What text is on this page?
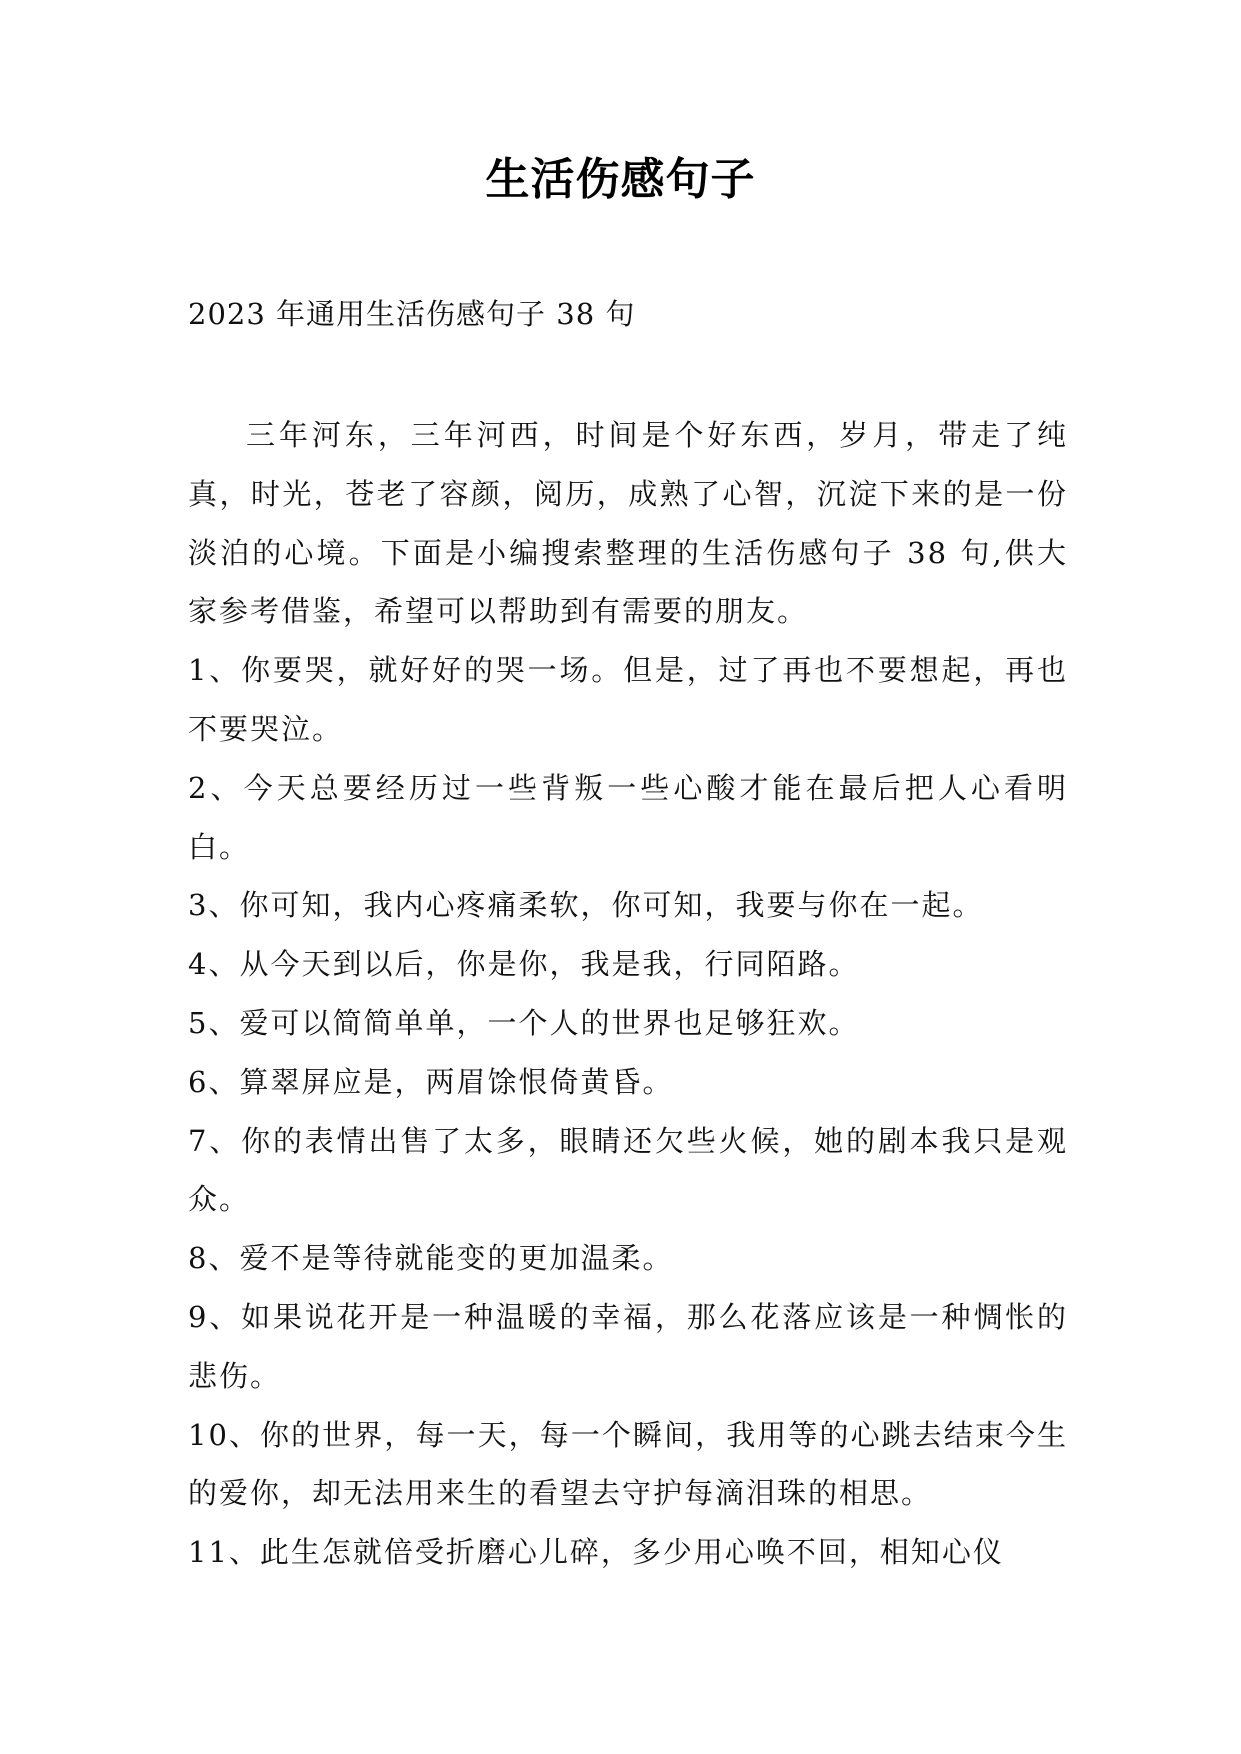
生活伤感句子
2023 年通用生活伤感句子 38 句

三年河东，三年河西，时间是个好东西，岁月，带走了纯真，时光，苍老了容颜，阅历，成熟了心智，沉淀下来的是一份淡泊的心境。下面是小编搜索整理的生活伤感句子 38 句,供大家参考借鉴，希望可以帮助到有需要的朋友。

1、你要哭，就好好的哭一场。但是，过了再也不要想起，再也不要哭泣。

2、今天总要经历过一些背叛一些心酸才能在最后把人心看明白。

3、你可知，我内心疼痛柔软，你可知，我要与你在一起。

4、从今天到以后，你是你，我是我，行同陌路。

5、爱可以简简单单，一个人的世界也足够狂欢。

6、算翠屏应是，两眉馀恨倚黄昏。

7、你的表情出售了太多，眼睛还欠些火候，她的剧本我只是观众。

8、爱不是等待就能变的更加温柔。

9、如果说花开是一种温暖的幸福，那么花落应该是一种惆怅的悲伤。

10、你的世界，每一天，每一个瞬间，我用等的心跳去结束今生的爱你，却无法用来生的看望去守护每滴泪珠的相思。

11、此生怎就倍受折磨心儿碎，多少用心唤不回，相知心仪
